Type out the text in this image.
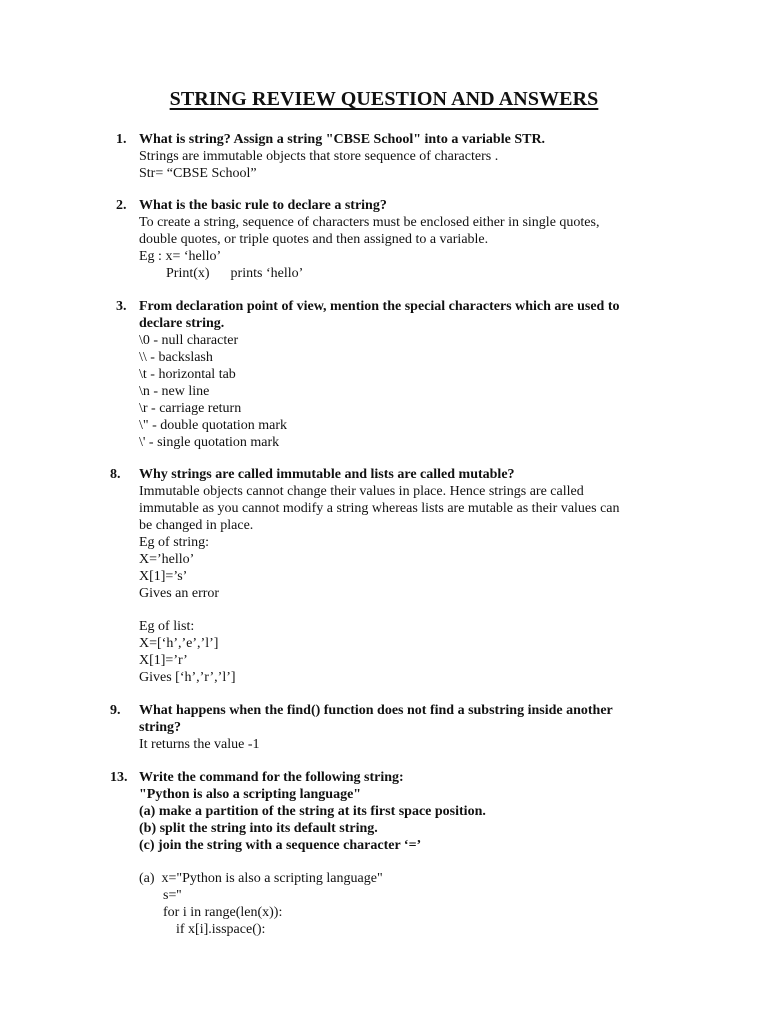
STRING REVIEW QUESTION AND ANSWERS
1. What is string? Assign a string "CBSE School" into a variable STR.
Strings are immutable objects that store sequence of characters .
Str= “CBSE School”
2. What is the basic rule to declare a string?
To create a string, sequence of characters must be enclosed either in single quotes,
double quotes, or triple quotes and then assigned to a variable.
Eg : x= ‘hello’
Print(x)      prints ‘hello’
3. From declaration point of view, mention the special characters which are used to
declare string.
\0 - null character
\\ - backslash
\t - horizontal tab
\n - new line
\r - carriage return
\" - double quotation mark
\' - single quotation mark
8. Why strings are called immutable and lists are called mutable?
Immutable objects cannot change their values in place. Hence strings are called
immutable as you cannot modify a string whereas lists are mutable as their values can
be changed in place.
Eg of string:
X=’hello’
X[1]=’s’
Gives an error
Eg of list:
X=[‘h’,’e’,’l’]
X[1]=’r’
Gives [‘h’,’r’,’l’]
9. What happens when the find() function does not find a substring inside another
string?
It returns the value -1
13. Write the command for the following string:
"Python is also a scripting language"
(a) make a partition of the string at its first space position.
(b) split the string into its default string.
(c) join the string with a sequence character ‘=’
(a)  x="Python is also a scripting language"
s=''
for i in range(len(x)):
if x[i].isspace():
